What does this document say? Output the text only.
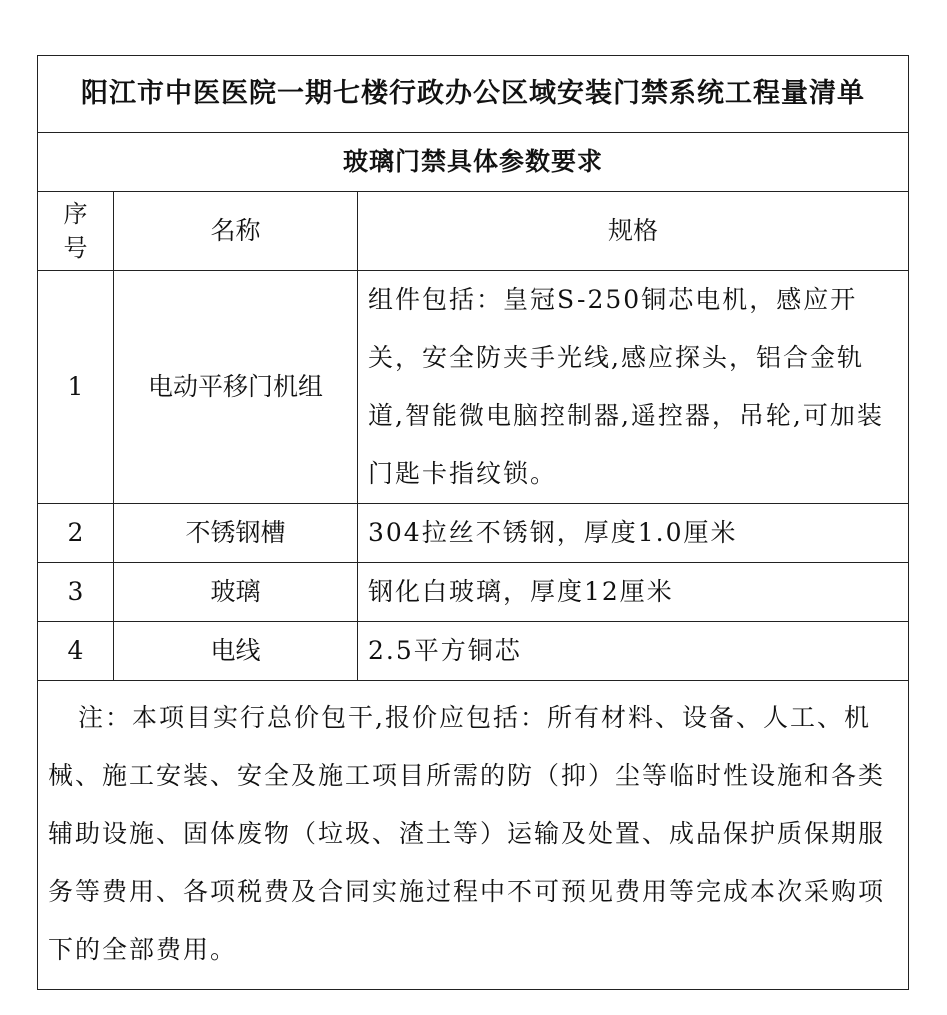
阳江市中医医院一期七楼行政办公区域安装门禁系统工程量清单		
玻璃门禁具体参数要求		

序
号	名称	规格
1	电动平移门机组	组件包括：皇冠S-250铜芯电机，感应开关，安全防夹手光线,感应探头，铝合金轨道,智能微电脑控制器,遥控器，吊轮,可加装门匙卡指纹锁。
2	不锈钢槽	304拉丝不锈钢，厚度1.0厘米
3	玻璃	钢化白玻璃，厚度12厘米
4	电线	2.5平方铜芯
注：本项目实行总价包干,报价应包括：所有材料、设备、人工、机械、施工安装、安全及施工项目所需的防（抑）尘等临时性设施和各类辅助设施、固体废物（垃圾、渣土等）运输及处置、成品保护质保期服务等费用、各项税费及合同实施过程中不可预见费用等完成本次采购项下的全部费用。		
